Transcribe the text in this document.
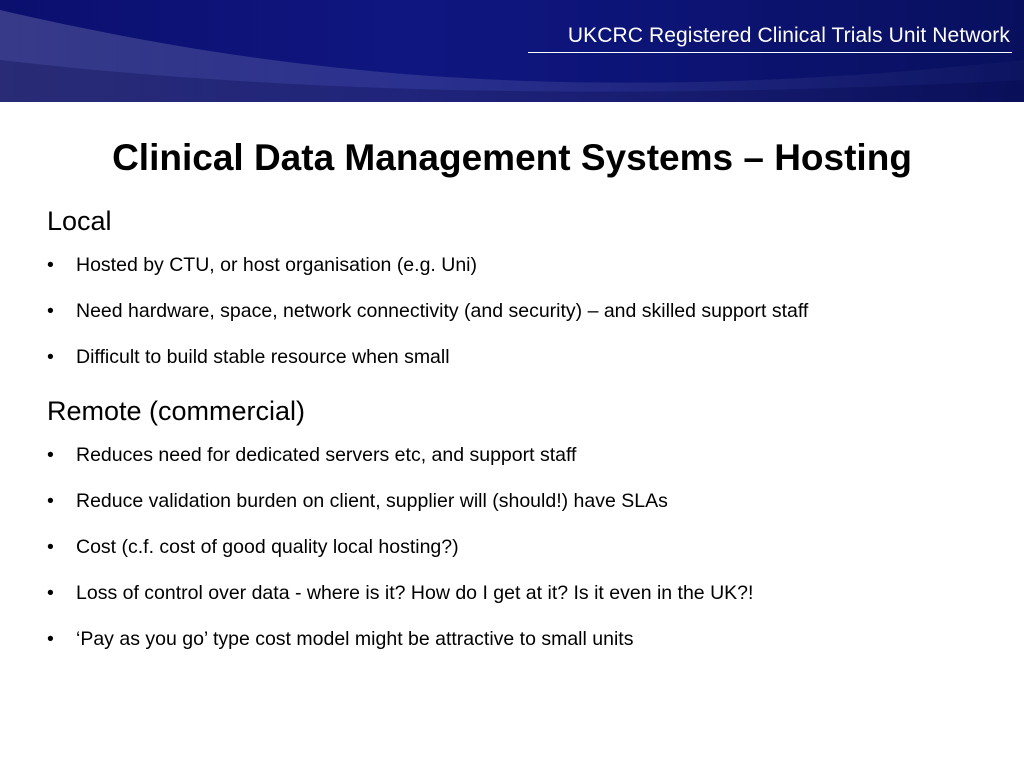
UKCRC Registered Clinical Trials Unit Network
Clinical Data Management Systems – Hosting
Local
• Hosted by CTU, or host organisation (e.g. Uni)
• Need hardware, space, network connectivity (and security) – and skilled support staff
• Difficult to build stable resource when small
Remote (commercial)
• Reduces need for dedicated servers etc, and support staff
• Reduce validation burden on client, supplier will (should!) have SLAs
• Cost (c.f. cost of good quality local hosting?)
• Loss of control over data - where is it? How do I get at it? Is it even in the UK?!
• ‘Pay as you go’ type cost model might be attractive to small units
